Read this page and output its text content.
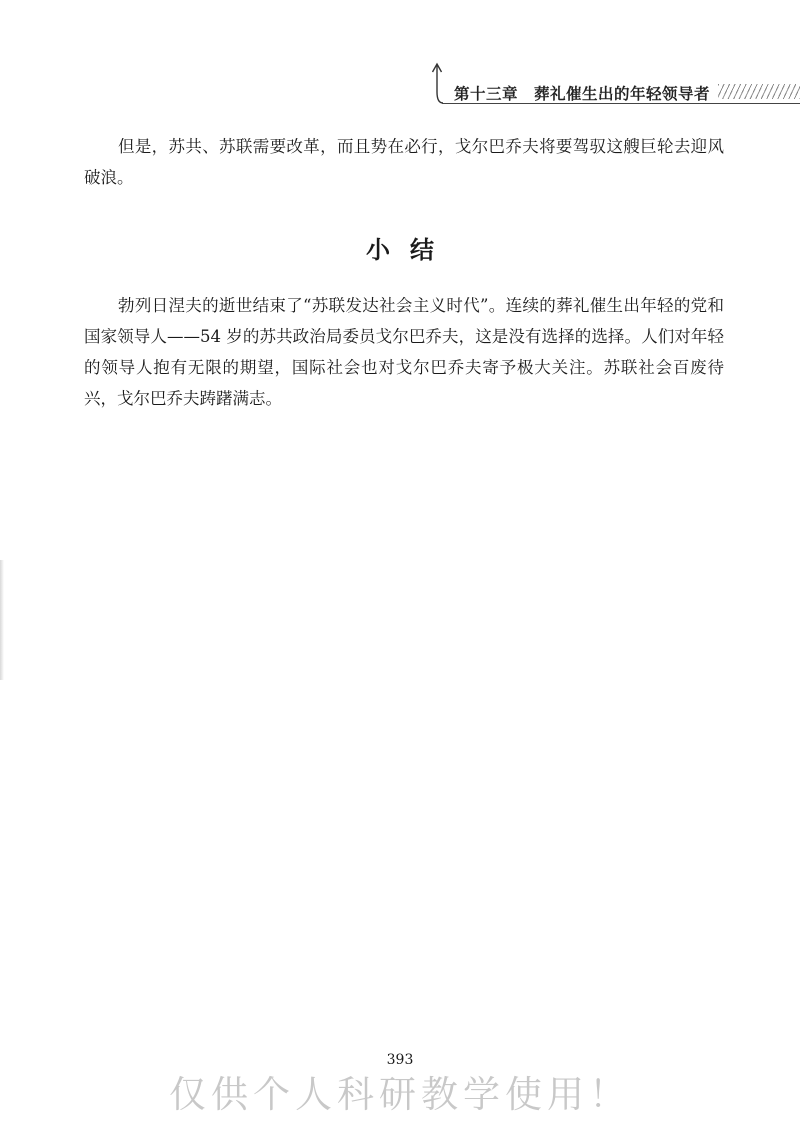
第十三章 葬礼催生出的年轻领导者

但是，苏共、苏联需要改革，而且势在必行，戈尔巴乔夫将要驾驭这艘巨轮去迎风破浪。

小结

勃列日涅夫的逝世结束了“苏联发达社会主义时代”。连续的葬礼催生出年轻的党和国家领导人——54 岁的苏共政治局委员戈尔巴乔夫，这是没有选择的选择。人们对年轻的领导人抱有无限的期望，国际社会也对戈尔巴乔夫寄予极大关注。苏联社会百废待兴，戈尔巴乔夫踌躇满志。

393
仅供个人科研教学使用！
